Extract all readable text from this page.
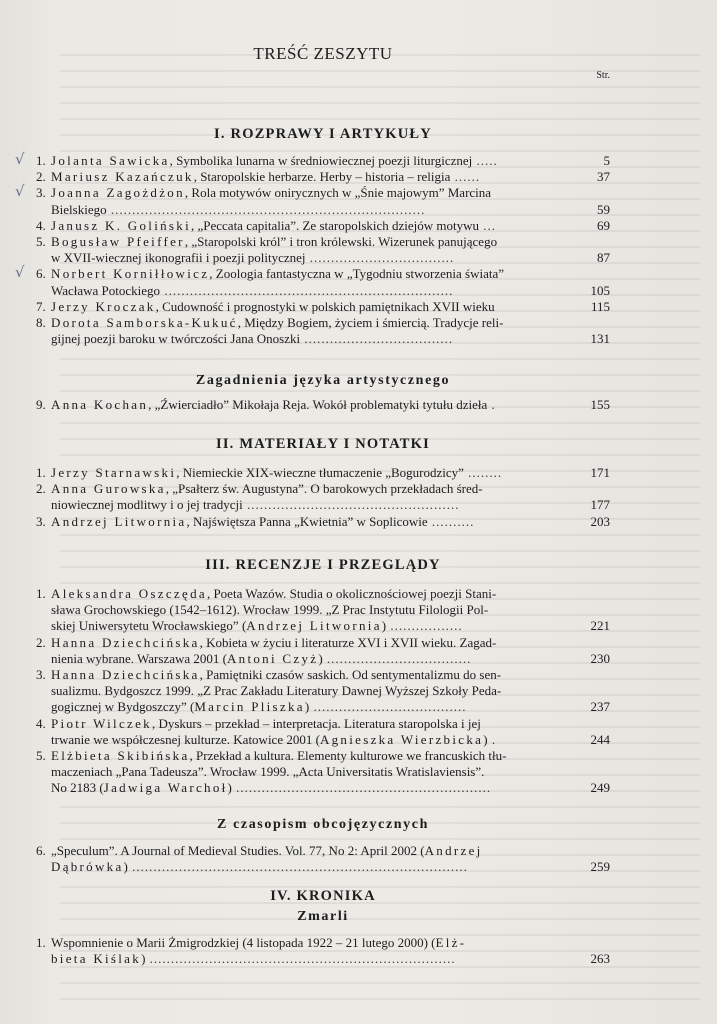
TREŚĆ ZESZYTU
Str.
I. ROZPRAWY I ARTYKUŁY
√ 1. Jolanta Sawicka, Symbolika lunarna w średniowiecznej poezji liturgicznej .....	5
2. Mariusz Kazańczuk, Staropolskie herbarze. Herby – historia – religia ......	37
√ 3. Joanna Zagożdżon, Rola motywów onirycznych w „Śnie majowym” Marcina
Bielskiego ..........................................................................	59
4. Janusz K. Goliński, „Peccata capitalia”. Ze staropolskich dziejów motywu ...	69
5. Bogusław Pfeiffer, „Staropolski król” i tron królewski. Wizerunek panującego
w XVII-wiecznej ikonografii i poezji politycznej ..................................	87
√ 6. Norbert Korniłłowicz, Zoologia fantastyczna w „Tygodniu stworzenia świata”
Wacława Potockiego ....................................................................	105
7. Jerzy Kroczak, Cudowność i prognostyki w polskich pamiętnikach XVII wieku	115
8. Dorota Samborska-Kukuć, Między Bogiem, życiem i śmiercią. Tradycje reli-
gijnej poezji baroku w twórczości Jana Onoszki ...................................	131
Zagadnienia języka artystycznego
9. Anna Kochan, „Źwierciadło” Mikołaja Reja. Wokół problematyki tytułu dzieła .	155
II. MATERIAŁY I NOTATKI
1. Jerzy Starnawski, Niemieckie XIX-wieczne tłumaczenie „Bogurodzicy” ........	171
2. Anna Gurowska, „Psałterz św. Augustyna”. O barokowych przekładach śred-
niowiecznej modlitwy i o jej tradycji ..................................................	177
3. Andrzej Litwornia, Najświętsza Panna „Kwietnia” w Soplicowie ..........	203
III. RECENZJE I PRZEGLĄDY
1. Aleksandra Oszczęda, Poeta Wazów. Studia o okolicznościowej poezji Stani-
sława Grochowskiego (1542–1612). Wrocław 1999. „Z Prac Instytutu Filologii Pol-
skiej Uniwersytetu Wrocławskiego” (Andrzej Litwornia) .................	221
2. Hanna Dziechcińska, Kobieta w życiu i literaturze XVI i XVII wieku. Zagad-
nienia wybrane. Warszawa 2001 (Antoni Czyż) ..................................	230
3. Hanna Dziechcińska, Pamiętniki czasów saskich. Od sentymentalizmu do sen-
sualizmu. Bydgoszcz 1999. „Z Prac Zakładu Literatury Dawnej Wyższej Szkoły Peda-
gogicznej w Bydgoszczy” (Marcin Pliszka) ....................................	237
4. Piotr Wilczek, Dyskurs – przekład – interpretacja. Literatura staropolska i jej
trwanie we współczesnej kulturze. Katowice 2001 (Agnieszka Wierzbicka) .	244
5. Elżbieta Skibińska, Przekład a kultura. Elementy kulturowe we francuskich tłu-
maczeniach „Pana Tadeusza”. Wrocław 1999. „Acta Universitatis Wratislaviensis”.
No 2183 (Jadwiga Warchoł) ............................................................	249
Z czasopism obcojęzycznych
6. „Speculum”. A Journal of Medieval Studies. Vol. 77, No 2: April 2002 (Andrzej
Dąbrówka) ...............................................................................	259
IV. KRONIKA
Zmarli
1. Wspomnienie o Marii Żmigrodzkiej (4 listopada 1922 – 21 lutego 2000) (Elż-
bieta Kiślak) ........................................................................	263
